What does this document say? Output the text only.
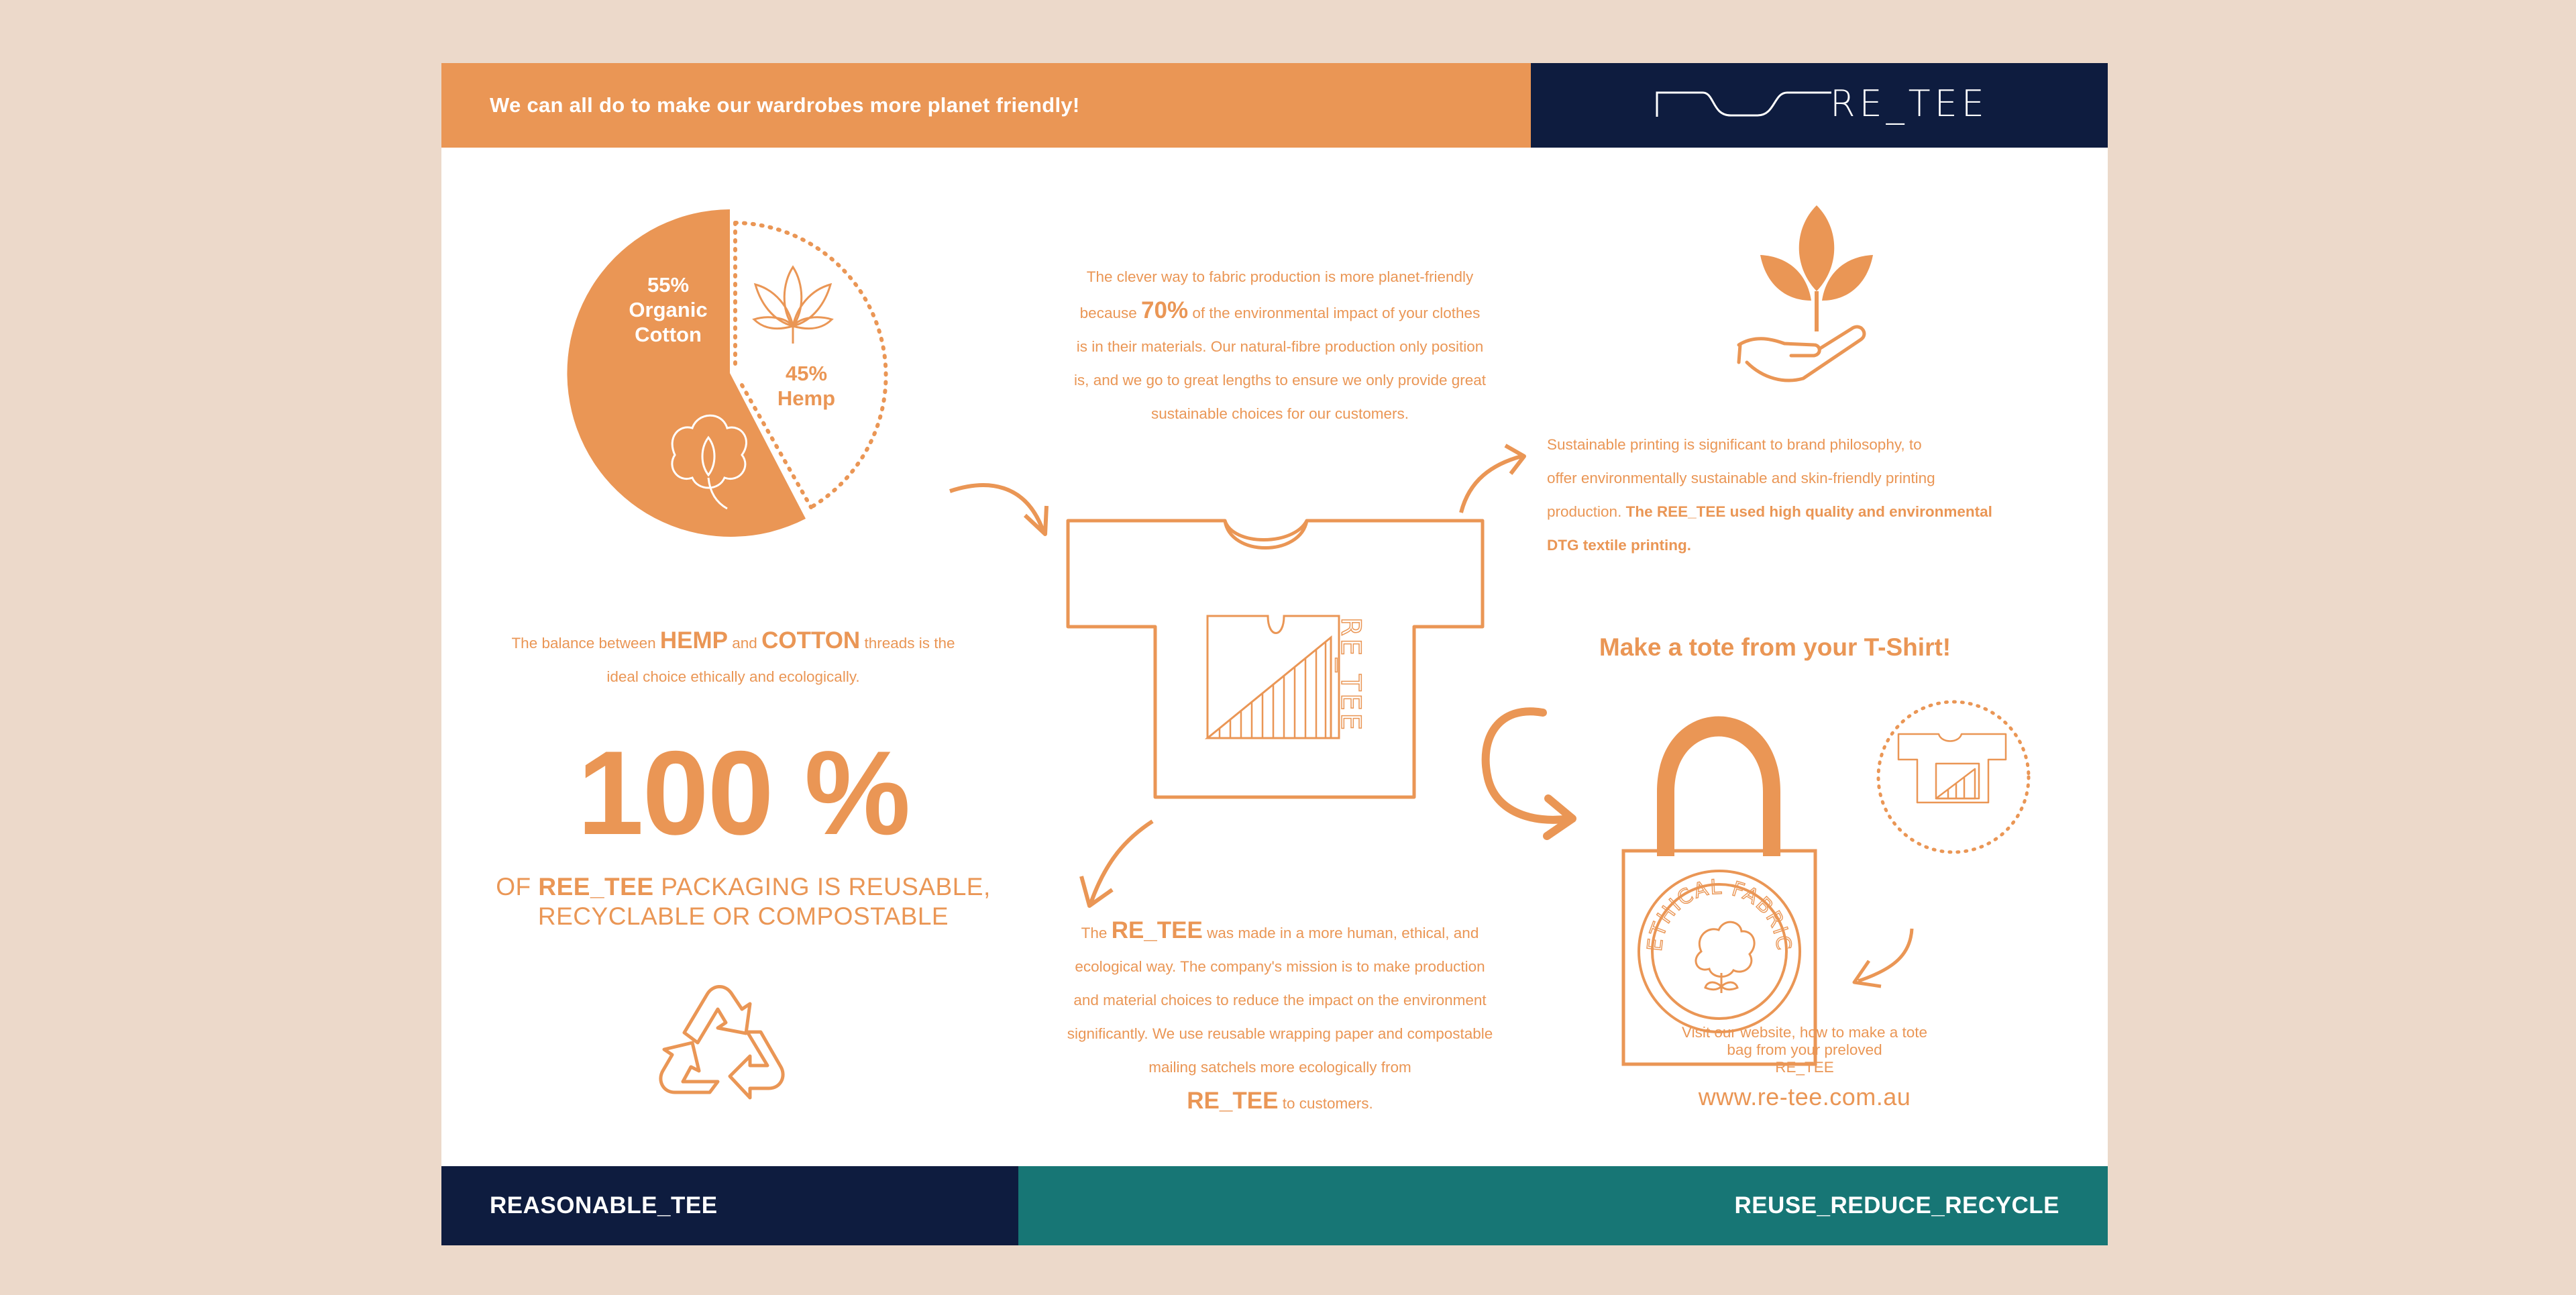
We can all do to make our wardrobes more planet friendly!	RE_TEE
55%
Organic
Cotton
45%
Hemp
The balance between HEMP and COTTON threads is the
ideal choice ethically and ecologically.
100 %
OF REE_TEE PACKAGING IS REUSABLE,
RECYCLABLE OR COMPOSTABLE
The clever way to fabric production is more planet-friendly
because 70% of the environmental impact of your clothes
is in their materials. Our natural-fibre production only position
is, and we go to great lengths to ensure we only provide great
sustainable choices for our customers.
RE_TEE
The RE_TEE was made in a more human, ethical, and
ecological way. The company's mission is to make production
and material choices to reduce the impact on the environment
significantly. We use reusable wrapping paper and compostable
mailing satchels more ecologically from
RE_TEE to customers.
Sustainable printing is significant to brand philosophy, to
offer environmentally sustainable and skin-friendly printing
production. The REE_TEE used high quality and environmental
DTG textile printing.
Make a tote from your T-Shirt!
ETHICAL FABRIC
Visit our website, how to make a tote
bag from your preloved
RE_TEE
www.re-tee.com.au
REASONABLE_TEE	REUSE_REDUCE_RECYCLE
